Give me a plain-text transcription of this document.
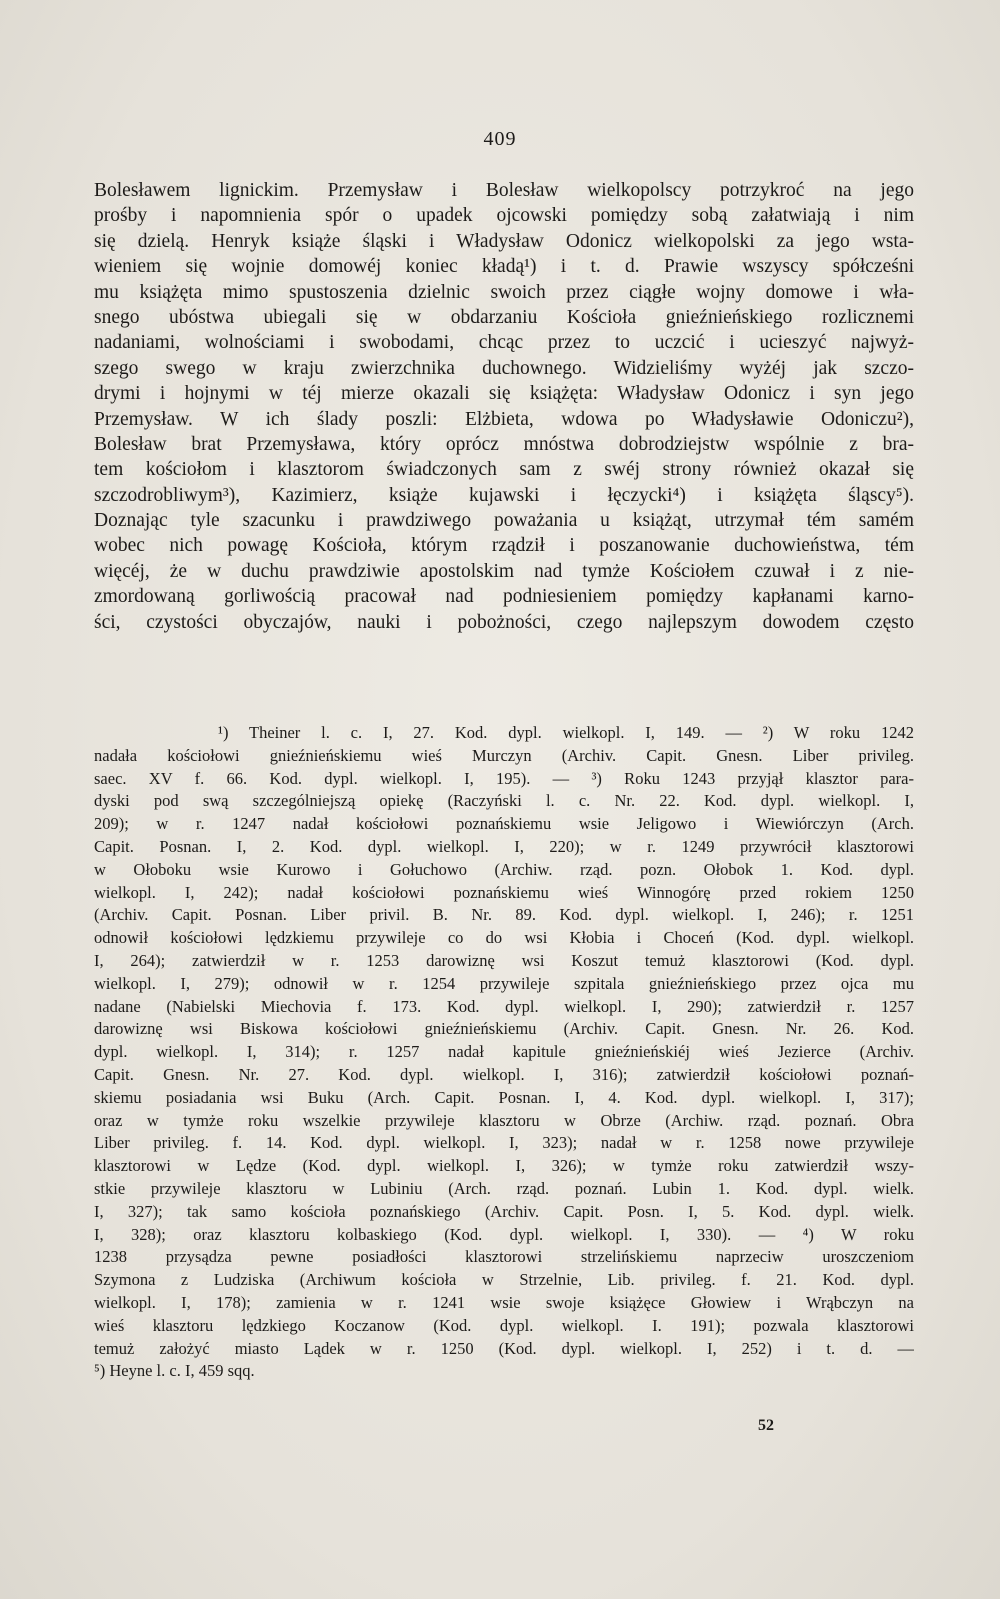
409
Bolesławem lignickim. Przemysław i Bolesław wielkopolscy potrzykroć na jego
prośby i napomnienia spór o upadek ojcowski pomiędzy sobą załatwiają i nim
się dzielą. Henryk książe śląski i Władysław Odonicz wielkopolski za jego wsta-
wieniem się wojnie domowéj koniec kładą¹) i t. d. Prawie wszyscy spółcześni
mu książęta mimo spustoszenia dzielnic swoich przez ciągłe wojny domowe i wła-
snego ubóstwa ubiegali się w obdarzaniu Kościoła gnieźnieńskiego rozlicznemi
nadaniami, wolnościami i swobodami, chcąc przez to uczcić i ucieszyć najwyż-
szego swego w kraju zwierzchnika duchownego. Widzieliśmy wyżéj jak szczo-
drymi i hojnymi w téj mierze okazali się książęta: Władysław Odonicz i syn jego
Przemysław. W ich ślady poszli: Elżbieta, wdowa po Władysławie Odoniczu²),
Bolesław brat Przemysława, który oprócz mnóstwa dobrodziejstw wspólnie z bra-
tem kościołom i klasztorom świadczonych sam z swéj strony również okazał się
szczodrobliwym³), Kazimierz, książe kujawski i łęczycki⁴) i książęta śląscy⁵).
Doznając tyle szacunku i prawdziwego poważania u książąt, utrzymał tém samém
wobec nich powagę Kościoła, którym rządził i poszanowanie duchowieństwa, tém
więcéj, że w duchu prawdziwie apostolskim nad tymże Kościołem czuwał i z nie-
zmordowaną gorliwością pracował nad podniesieniem pomiędzy kapłanami karno-
ści, czystości obyczajów, nauki i pobożności, czego najlepszym dowodem często
¹) Theiner l. c. I, 27. Kod. dypl. wielkopl. I, 149. — ²) W roku 1242
nadała kościołowi gnieźnieńskiemu wieś Murczyn (Archiv. Capit. Gnesn. Liber privileg.
saec. XV f. 66. Kod. dypl. wielkopl. I, 195). — ³) Roku 1243 przyjął klasztor para-
dyski pod swą szczególniejszą opiekę (Raczyński l. c. Nr. 22. Kod. dypl. wielkopl. I,
209); w r. 1247 nadał kościołowi poznańskiemu wsie Jeligowo i Wiewiórczyn (Arch.
Capit. Posnan. I, 2. Kod. dypl. wielkopl. I, 220); w r. 1249 przywrócił klasztorowi
w Ołoboku wsie Kurowo i Gołuchowo (Archiw. rząd. pozn. Ołobok 1. Kod. dypl.
wielkopl. I, 242); nadał kościołowi poznańskiemu wieś Winnogórę przed rokiem 1250
(Archiv. Capit. Posnan. Liber privil. B. Nr. 89. Kod. dypl. wielkopl. I, 246); r. 1251
odnowił kościołowi lędzkiemu przywileje co do wsi Kłobia i Choceń (Kod. dypl. wielkopl.
I, 264); zatwierdził w r. 1253 darowiznę wsi Koszut temuż klasztorowi (Kod. dypl.
wielkopl. I, 279); odnowił w r. 1254 przywileje szpitala gnieźnieńskiego przez ojca mu
nadane (Nabielski Miechovia f. 173. Kod. dypl. wielkopl. I, 290); zatwierdził r. 1257
darowiznę wsi Biskowa kościołowi gnieźnieńskiemu (Archiv. Capit. Gnesn. Nr. 26. Kod.
dypl. wielkopl. I, 314); r. 1257 nadał kapitule gnieźnieńskiéj wieś Jezierce (Archiv.
Capit. Gnesn. Nr. 27. Kod. dypl. wielkopl. I, 316); zatwierdził kościołowi poznań-
skiemu posiadania wsi Buku (Arch. Capit. Posnan. I, 4. Kod. dypl. wielkopl. I, 317);
oraz w tymże roku wszelkie przywileje klasztoru w Obrze (Archiw. rząd. poznań. Obra
Liber privileg. f. 14. Kod. dypl. wielkopl. I, 323); nadał w r. 1258 nowe przywileje
klasztorowi w Lędze (Kod. dypl. wielkopl. I, 326); w tymże roku zatwierdził wszy-
stkie przywileje klasztoru w Lubiniu (Arch. rząd. poznań. Lubin 1. Kod. dypl. wielk.
I, 327); tak samo kościoła poznańskiego (Archiv. Capit. Posn. I, 5. Kod. dypl. wielk.
I, 328); oraz klasztoru kolbaskiego (Kod. dypl. wielkopl. I, 330). — ⁴) W roku
1238 przysądza pewne posiadłości klasztorowi strzelińskiemu naprzeciw uroszczeniom
Szymona z Ludziska (Archiwum kościoła w Strzelnie, Lib. privileg. f. 21. Kod. dypl.
wielkopl. I, 178); zamienia w r. 1241 wsie swoje książęce Głowiew i Wrąbczyn na
wieś klasztoru lędzkiego Koczanow (Kod. dypl. wielkopl. I. 191); pozwala klasztorowi
temuż założyć miasto Lądek w r. 1250 (Kod. dypl. wielkopl. I, 252) i t. d. —
⁵) Heyne l. c. I, 459 sqq.
52
